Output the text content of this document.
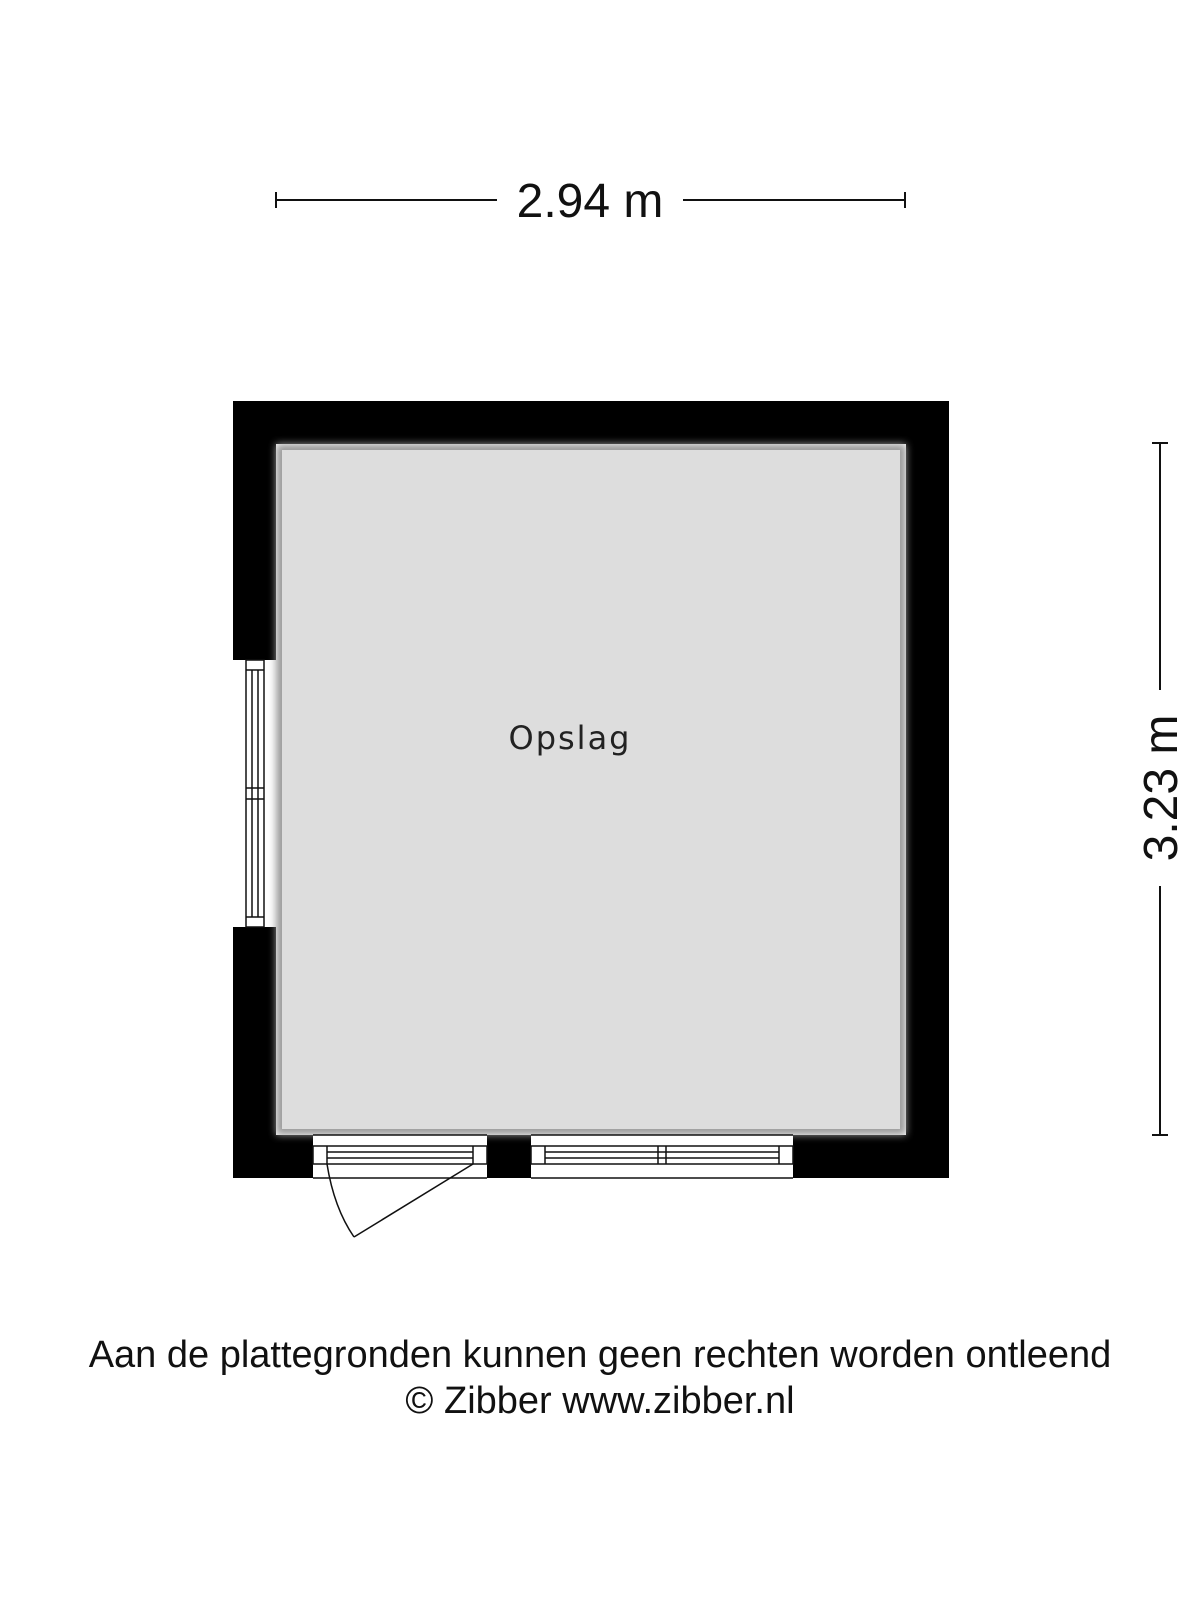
2.94 m
3.23 m
Opslag
Aan de plattegronden kunnen geen rechten worden ontleend
© Zibber www.zibber.nl
